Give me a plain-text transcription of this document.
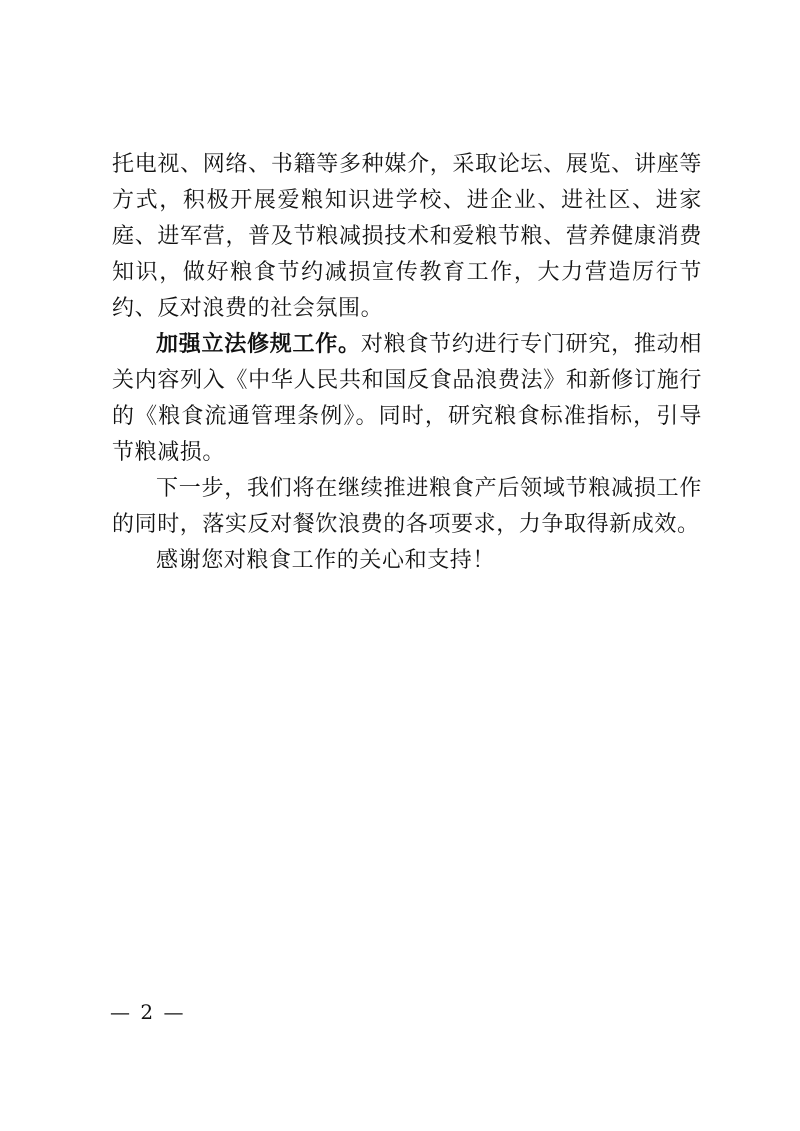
托电视、网络、书籍等多种媒介，采取论坛、展览、讲座等方式，积极开展爱粮知识进学校、进企业、进社区、进家庭、进军营，普及节粮减损技术和爱粮节粮、营养健康消费知识，做好粮食节约减损宣传教育工作，大力营造厉行节约、反对浪费的社会氛围。

加强立法修规工作。对粮食节约进行专门研究，推动相关内容列入《中华人民共和国反食品浪费法》和新修订施行的《粮食流通管理条例》。同时，研究粮食标准指标，引导节粮减损。

下一步，我们将在继续推进粮食产后领域节粮减损工作的同时，落实反对餐饮浪费的各项要求，力争取得新成效。

感谢您对粮食工作的关心和支持！

— 2 —
